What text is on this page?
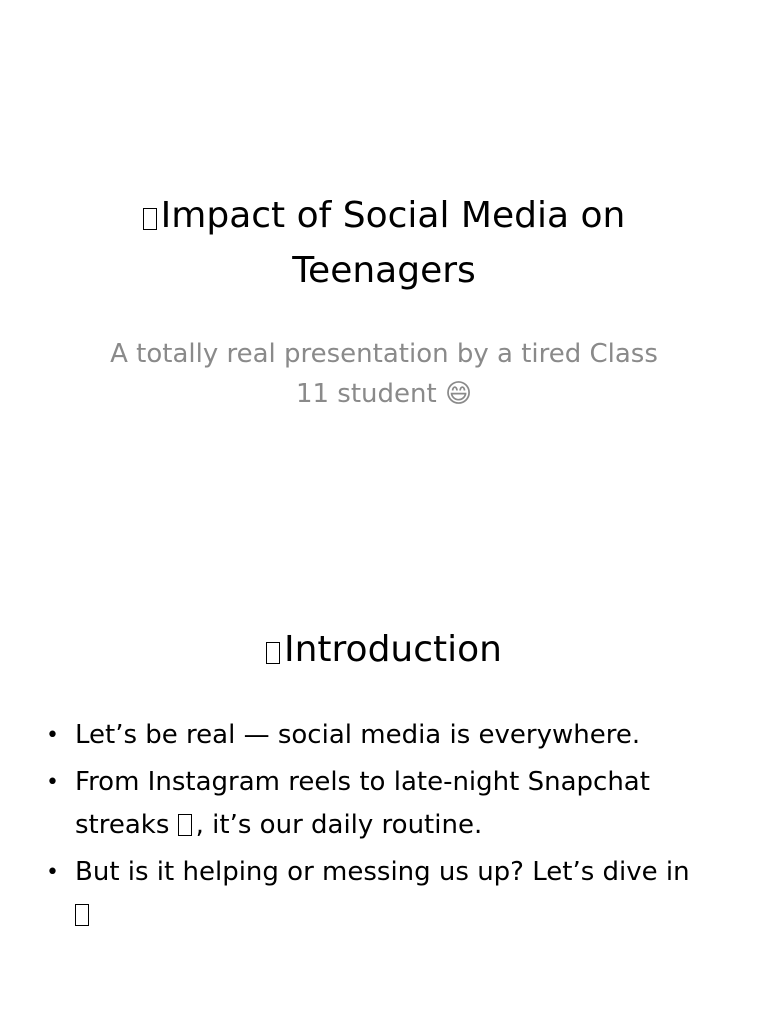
Impact of Social Media on Teenagers

A totally real presentation by a tired Class 11 student 😄

Introduction
• Let’s be real — social media is everywhere.
• From Instagram reels to late-night Snapchat streaks , it’s our daily routine.
• But is it helping or messing us up? Let’s dive in
